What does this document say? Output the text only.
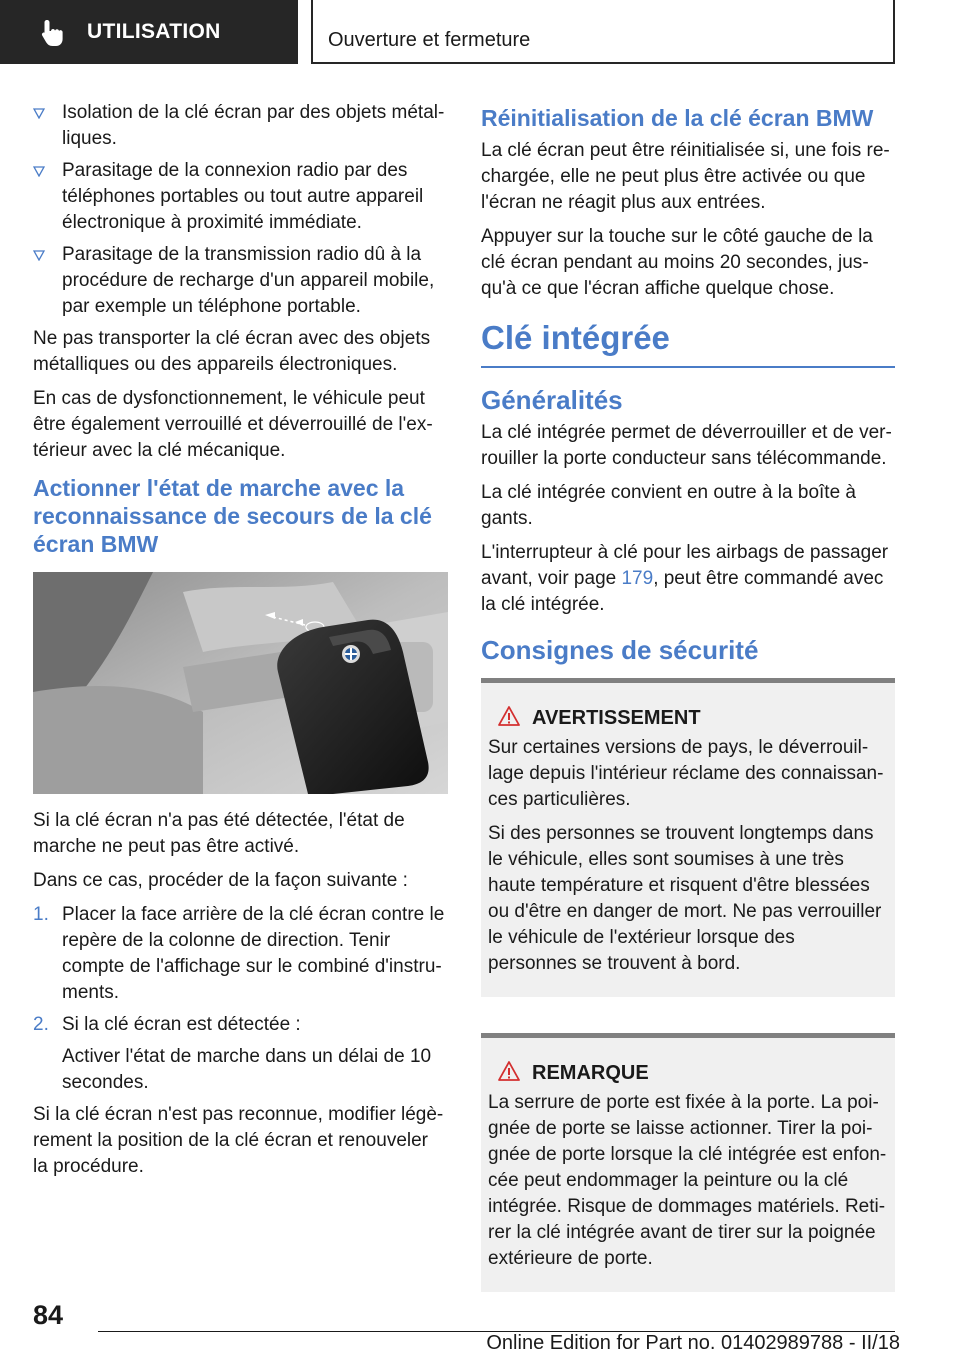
UTILISATION	Ouverture et fermeture
Isolation de la clé écran par des objets métalliques.
Parasitage de la connexion radio par des téléphones portables ou tout autre appareil électronique à proximité immédiate.
Parasitage de la transmission radio dû à la procédure de recharge d'un appareil mobile, par exemple un téléphone portable.

Ne pas transporter la clé écran avec des objets métalliques ou des appareils électroniques.

En cas de dysfonctionnement, le véhicule peut être également verrouillé et déverrouillé de l'extérieur avec la clé mécanique.

Actionner l'état de marche avec la reconnaissance de secours de la clé écran BMW

Si la clé écran n'a pas été détectée, l'état de marche ne peut pas être activé.

Dans ce cas, procéder de la façon suivante :

1. Placer la face arrière de la clé écran contre le repère de la colonne de direction. Tenir compte de l'affichage sur le combiné d'instruments.
2. Si la clé écran est détectée :

Activer l'état de marche dans un délai de 10 secondes.

Si la clé écran n'est pas reconnue, modifier légèrement la position de la clé écran et renouveler la procédure.

Réinitialisation de la clé écran BMW

La clé écran peut être réinitialisée si, une fois rechargée, elle ne peut plus être activée ou que l'écran ne réagit plus aux entrées.

Appuyer sur la touche sur le côté gauche de la clé écran pendant au moins 20 secondes, jusqu'à ce que l'écran affiche quelque chose.

Clé intégrée
Généralités

La clé intégrée permet de déverrouiller et de verrouiller la porte conducteur sans télécommande.

La clé intégrée convient en outre à la boîte à gants.

L'interrupteur à clé pour les airbags de passager avant, voir page 179, peut être commandé avec la clé intégrée.

Consignes de sécurité
AVERTISSEMENT

Sur certaines versions de pays, le déverrouillage depuis l'intérieur réclame des connaissances particulières.

Si des personnes se trouvent longtemps dans le véhicule, elles sont soumises à une très haute température et risquent d'être blessées ou d'être en danger de mort. Ne pas verrouiller le véhicule de l'extérieur lorsque des personnes se trouvent à bord.

REMARQUE

La serrure de porte est fixée à la porte. La poignée de porte se laisse actionner. Tirer la poignée de porte lorsque la clé intégrée est enfoncée peut endommager la peinture ou la clé intégrée. Risque de dommages matériels. Retirer la clé intégrée avant de tirer sur la poignée extérieure de porte.

84
Online Edition for Part no. 01402989788 - II/18
